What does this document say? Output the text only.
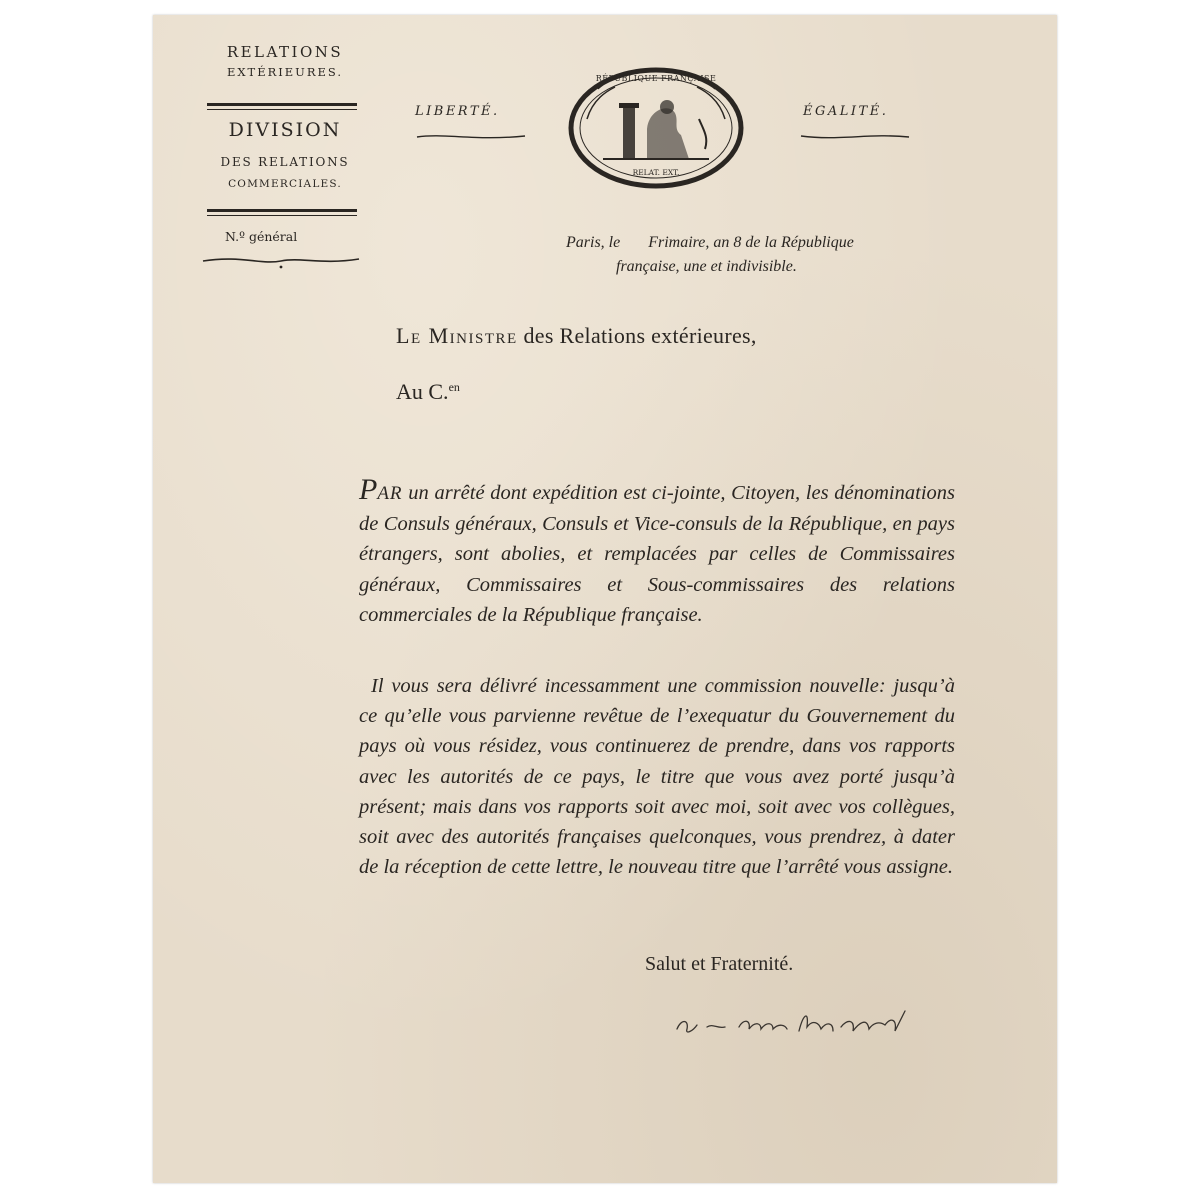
RELATIONS
EXTÉRIEURES.
DIVISION
DES RELATIONS
COMMERCIALES.
N.º général
LIBERTÉ.	ÉGALITÉ.
RÉPUBLIQUE FRANÇAISE
RELAT. EXT.
Paris, le       Frimaire, an 8 de la République
française, une et indivisible.
Le Ministre des Relations extérieures,
Au C.$^{en}$
PAR un arrêté dont expédition est ci-jointe, Citoyen, les dénominations de Consuls généraux, Consuls et Vice-consuls de la République, en pays étrangers, sont abolies, et remplacées par celles de Commissaires généraux, Commissaires et Sous-commissaires des relations commerciales de la République française.
Il vous sera délivré incessamment une commission nouvelle: jusqu’à ce qu’elle vous parvienne revêtue de l’exequatur du Gouvernement du pays où vous résidez, vous continuerez de prendre, dans vos rapports avec les autorités de ce pays, le titre que vous avez porté jusqu’à présent; mais dans vos rapports soit avec moi, soit avec vos collègues, soit avec des autorités françaises quelconques, vous prendrez, à dater de la réception de cette lettre, le nouveau titre que l’arrêté vous assigne.
Salut et Fraternité.
